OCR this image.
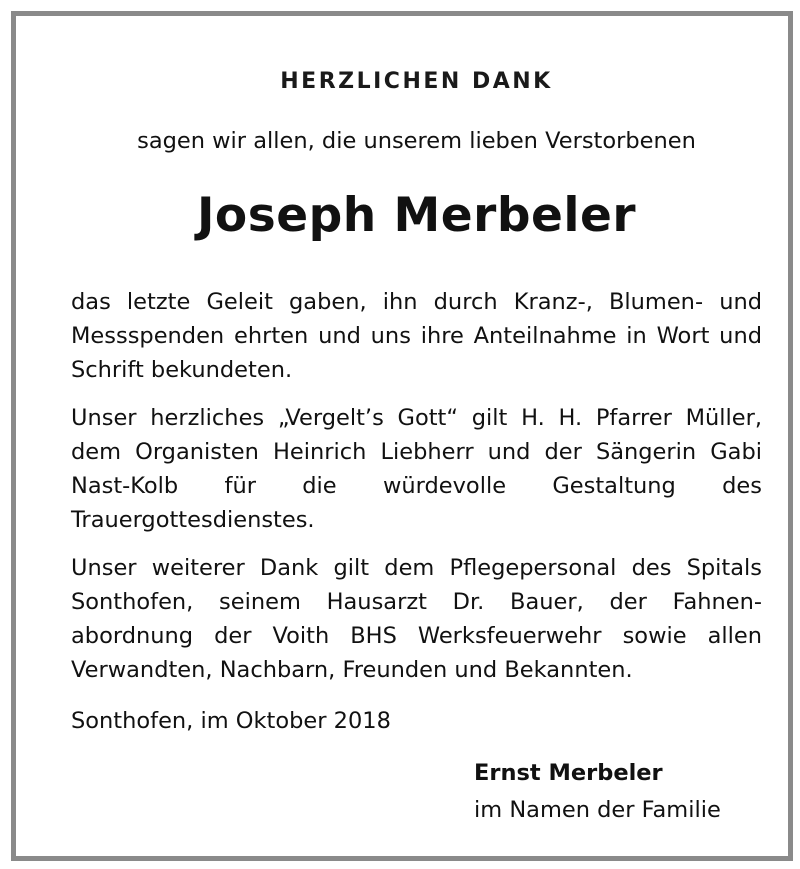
HERZLICHEN DANK
sagen wir allen, die unserem lieben Verstorbenen
Joseph Merbeler

das letzte Geleit gaben, ihn durch Kranz-, Blumen- und Messspenden ehrten und uns ihre Anteilnahme in Wort und Schrift bekundeten.

Unser herzliches „Vergelt’s Gott“ gilt H. H. Pfarrer Müller, dem Organisten Heinrich Liebherr und der Sängerin Gabi Nast-Kolb für die würdevolle Gestaltung des Trauergottesdienstes.

Unser weiterer Dank gilt dem Pflegepersonal des Spitals Sonthofen, seinem Hausarzt Dr. Bauer, der Fahnenabordnung der Voith BHS Werksfeuerwehr sowie allen Verwandten, Nachbarn, Freunden und Bekannten.

Sonthofen, im Oktober 2018
Ernst Merbeler
im Namen der Familie
